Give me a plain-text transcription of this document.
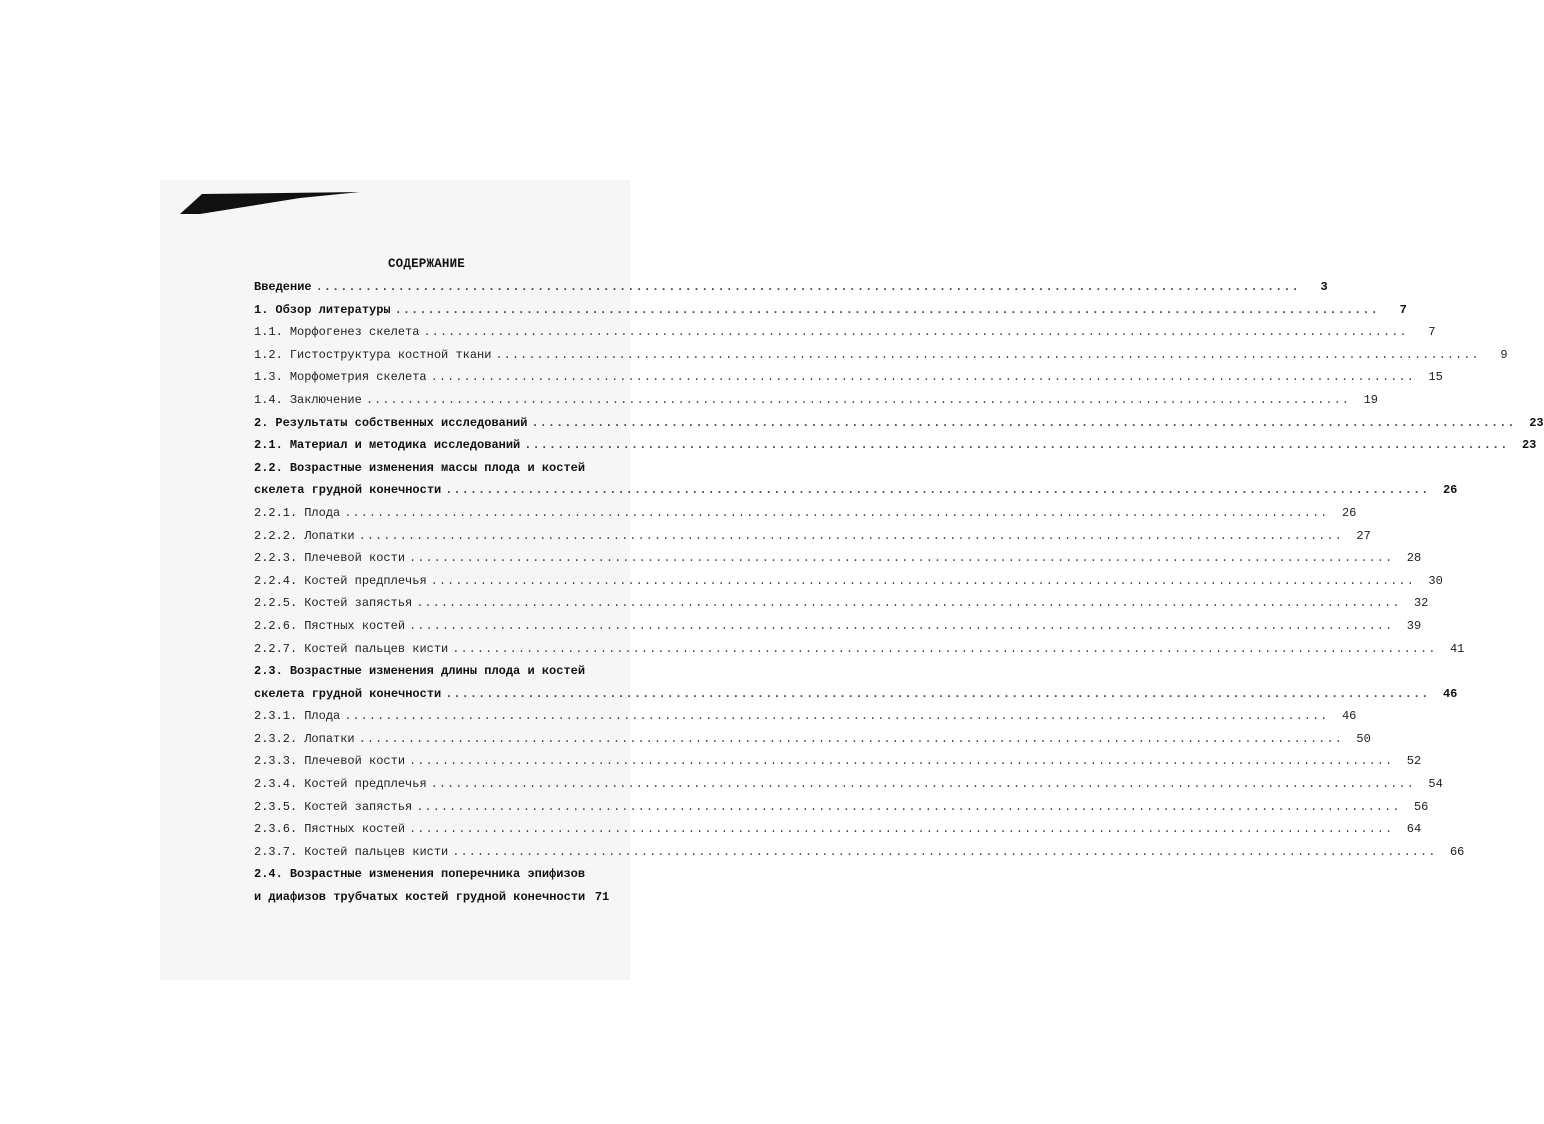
СОДЕРЖАНИЕ
Введение ........................................................................................................................	3
1. Обзор литературы ........................................................................................................................	7
1.1. Морфогенез скелета ........................................................................................................................	7
1.2. Гистоструктура костной ткани ........................................................................................................................	9
1.3. Морфометрия скелета ........................................................................................................................	15
1.4. Заключение ........................................................................................................................	19
2. Результаты собственных исследований ........................................................................................................................	23
2.1. Материал и методика исследований ........................................................................................................................	23
2.2. Возрастные изменения массы плода и костей
скелета грудной конечности ........................................................................................................................	26
2.2.1. Плода ........................................................................................................................	26
2.2.2. Лопатки ........................................................................................................................	27
2.2.3. Плечевой кости ........................................................................................................................	28
2.2.4. Костей предплечья ........................................................................................................................	30
2.2.5. Костей запястья ........................................................................................................................	32
2.2.6. Пястных костей ........................................................................................................................	39
2.2.7. Костей пальцев кисти ........................................................................................................................	41
2.3. Возрастные изменения длины плода и костей
скелета грудной конечности ........................................................................................................................	46
2.3.1. Плода ........................................................................................................................	46
2.3.2. Лопатки ........................................................................................................................	50
2.3.3. Плечевой кости ........................................................................................................................	52
2.3.4. Костей предплечья ........................................................................................................................	54
2.3.5. Костей запястья ........................................................................................................................	56
2.3.6. Пястных костей ........................................................................................................................	64
2.3.7. Костей пальцев кисти ........................................................................................................................	66
2.4. Возрастные изменения поперечника эпифизов
и диафизов трубчатых костей грудной конечности 71
